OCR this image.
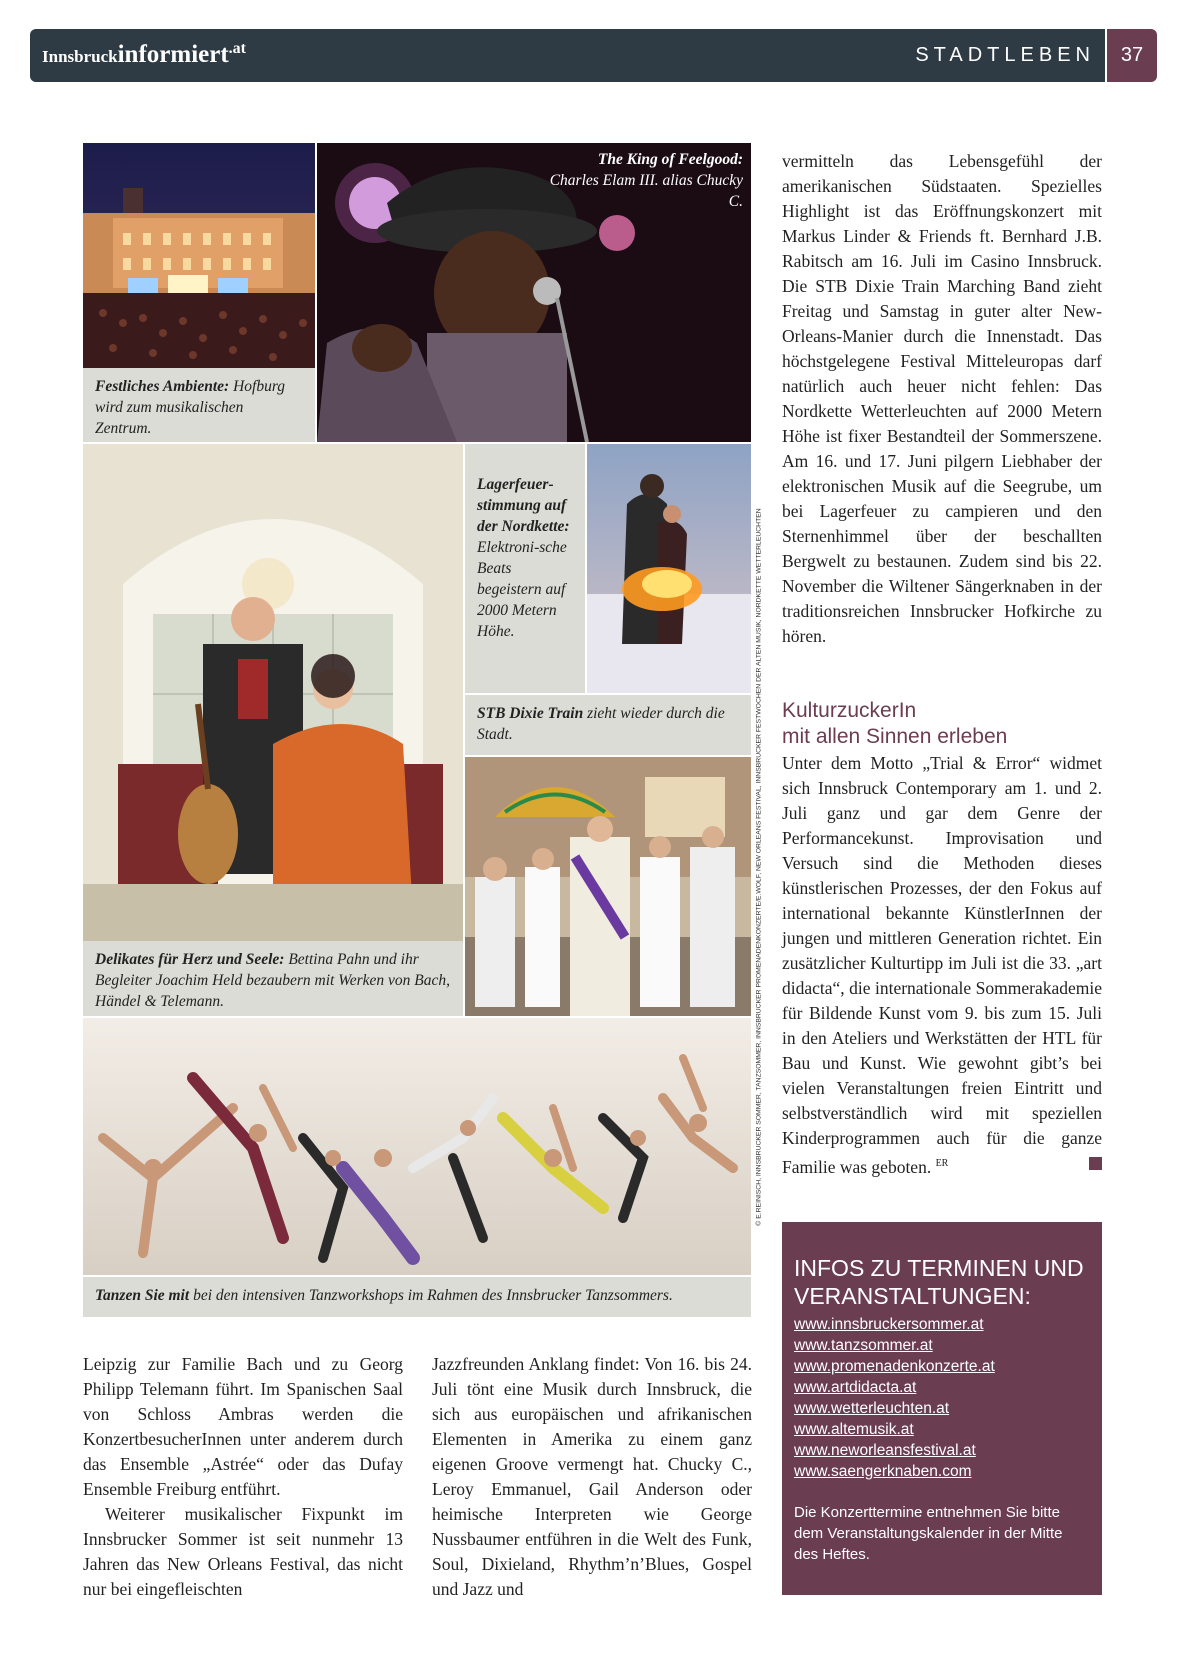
Innsbruckinformiert.at	STADTLEBEN	37
Festliches Ambiente: Hofburg wird zum musikalischen Zentrum.
The King of Feelgood:
Charles Elam III. alias Chucky C.
Delikates für Herz und Seele: Bettina Pahn und ihr Begleiter Joachim Held bezaubern mit Werken von Bach, Händel & Telemann.
Lagerfeuer-stimmung auf der Nordkette: Elektroni-sche Beats begeistern auf 2000 Metern Höhe.
STB Dixie Train zieht wieder durch die Stadt.
Tanzen Sie mit bei den intensiven Tanzworkshops im Rahmen des Innsbrucker Tanzsommers.
© E.REINISCH, INNSBRUCKER SOMMER, TANZSOMMER, INNSBRUCKER PROMENADENKONZERTE/E.WOLF, NEW ORLEANS FESTIVAL, INNSBRUCKER FESTWOCHEN DER ALTEN MUSIK, NORDKETTE WETTERLEUCHTEN

Leipzig zur Familie Bach und zu Georg Philipp Telemann führt. Im Spanischen Saal von Schloss Ambras werden die KonzertbesucherInnen unter anderem durch das Ensemble „Astrée“ oder das Dufay Ensemble Freiburg entführt.

Weiterer musikalischer Fixpunkt im Innsbrucker Sommer ist seit nunmehr 13 Jahren das New Orleans Festival, das nicht nur bei eingefleischten

Jazzfreunden Anklang findet: Von 16. bis 24. Juli tönt eine Musik durch Innsbruck, die sich aus europäischen und afrikanischen Elementen in Amerika zu einem ganz eigenen Groove vermengt hat. Chucky C., Leroy Emmanuel, Gail Anderson oder heimische Interpreten wie George Nussbaumer entführen in die Welt des Funk, Soul, Dixieland, Rhythm’n’Blues, Gospel und Jazz und

vermitteln das Lebensgefühl der amerikanischen Südstaaten. Spezielles Highlight ist das Eröffnungskonzert mit Markus Linder & Friends ft. Bernhard J.B. Rabitsch am 16. Juli im Casino Innsbruck. Die STB Dixie Train Marching Band zieht Freitag und Samstag in guter alter New-Orleans-Manier durch die Innenstadt. Das höchstgelegene Festival Mitteleuropas darf natürlich auch heuer nicht fehlen: Das Nordkette Wetterleuchten auf 2000 Metern Höhe ist fixer Bestandteil der Sommerszene. Am 16. und 17. Juni pilgern Liebhaber der elektronischen Musik auf die Seegrube, um bei Lagerfeuer zu campieren und den Sternenhimmel über der beschallten Bergwelt zu bestaunen. Zudem sind bis 22. November die Wiltener Sängerknaben in der traditionsreichen Innsbrucker Hofkirche zu hören.

KulturzuckerIn
mit allen Sinnen erleben

Unter dem Motto „Trial & Error“ widmet sich Innsbruck Contemporary am 1. und 2. Juli ganz und gar dem Genre der Performancekunst. Improvisation und Versuch sind die Methoden dieses künstlerischen Prozesses, der den Fokus auf international bekannte KünstlerInnen der jungen und mittleren Generation richtet. Ein zusätzlicher Kulturtipp im Juli ist die 33. „art didacta“, die internationale Sommerakademie für Bildende Kunst vom 9. bis zum 15. Juli in den Ateliers und Werkstätten der HTL für Bau und Kunst. Wie gewohnt gibt’s bei vielen Veranstaltungen freien Eintritt und selbstverständlich wird mit speziellen Kinderprogrammen auch für die ganze Familie was geboten. $^{ER}$

INFOS ZU TERMINEN UND VERANSTALTUNGEN:
www.innsbruckersommer.at
www.tanzsommer.at
www.promenadenkonzerte.at
www.artdidacta.at
www.wetterleuchten.at
www.altemusik.at
www.neworleansfestival.at
www.saengerknaben.com
Die Konzerttermine entnehmen Sie bitte dem Veranstaltungskalender in der Mitte des Heftes.
